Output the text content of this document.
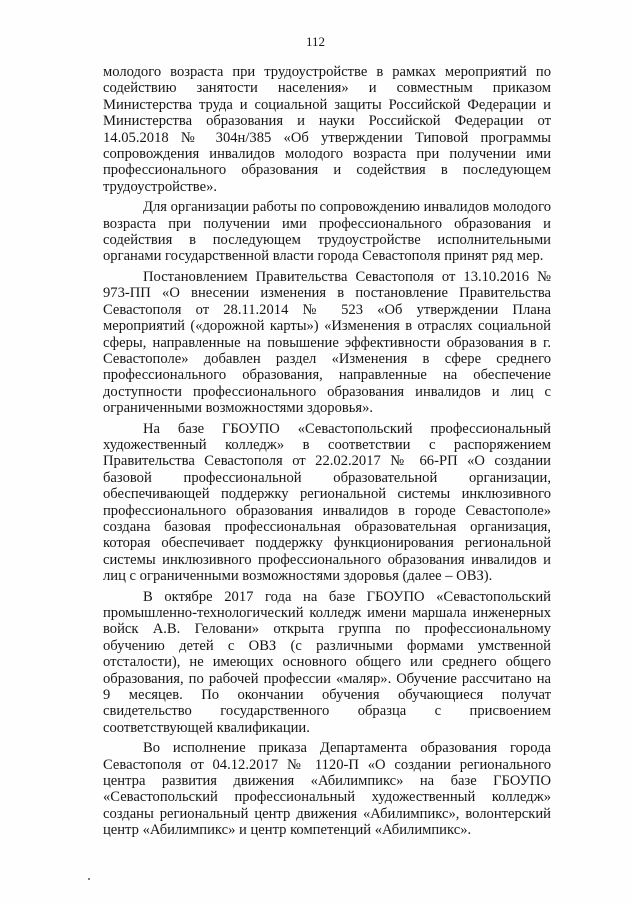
112

молодого возраста при трудоустройстве в рамках мероприятий по содействию занятости населения» и совместным приказом Министерства труда и социальной защиты Российской Федерации и Министерства образования и науки Российской Федерации от 14.05.2018 № 304н/385 «Об утверждении Типовой программы сопровождения инвалидов молодого возраста при получении ими профессионального образования и содействия в последующем трудоустройстве».

Для организации работы по сопровождению инвалидов молодого возраста при получении ими профессионального образования и содействия в последующем трудоустройстве исполнительными органами государственной власти города Севастополя принят ряд мер.

Постановлением Правительства Севастополя от 13.10.2016 № 973-ПП «О внесении изменения в постановление Правительства Севастополя от 28.11.2014 № 523 «Об утверждении Плана мероприятий («дорожной карты») «Изменения в отраслях социальной сферы, направленные на повышение эффективности образования в г. Севастополе» добавлен раздел «Изменения в сфере среднего профессионального образования, направленные на обеспечение доступности профессионального образования инвалидов и лиц с ограниченными возможностями здоровья».

На базе ГБОУПО «Севастопольский профессиональный художественный колледж» в соответствии с распоряжением Правительства Севастополя от 22.02.2017 № 66-РП «О создании базовой профессиональной образовательной организации, обеспечивающей поддержку региональной системы инклюзивного профессионального образования инвалидов в городе Севастополе» создана базовая профессиональная образовательная организация, которая обеспечивает поддержку функционирования региональной системы инклюзивного профессионального образования инвалидов и лиц с ограниченными возможностями здоровья (далее – ОВЗ).

В октябре 2017 года на базе ГБОУПО «Севастопольский промышленно-технологический колледж имени маршала инженерных войск А.В. Геловани» открыта группа по профессиональному обучению детей с ОВЗ (с различными формами умственной отсталости), не имеющих основного общего или среднего общего образования, по рабочей профессии «маляр». Обучение рассчитано на 9 месяцев. По окончании обучения обучающиеся получат свидетельство государственного образца с присвоением соответствующей квалификации.

Во исполнение приказа Департамента образования города Севастополя от 04.12.2017 № 1120-П «О создании регионального центра развития движения «Абилимпикс» на базе ГБОУПО «Севастопольский профессиональный художественный колледж» созданы региональный центр движения «Абилимпикс», волонтерский центр «Абилимпикс» и центр компетенций «Абилимпикс».
